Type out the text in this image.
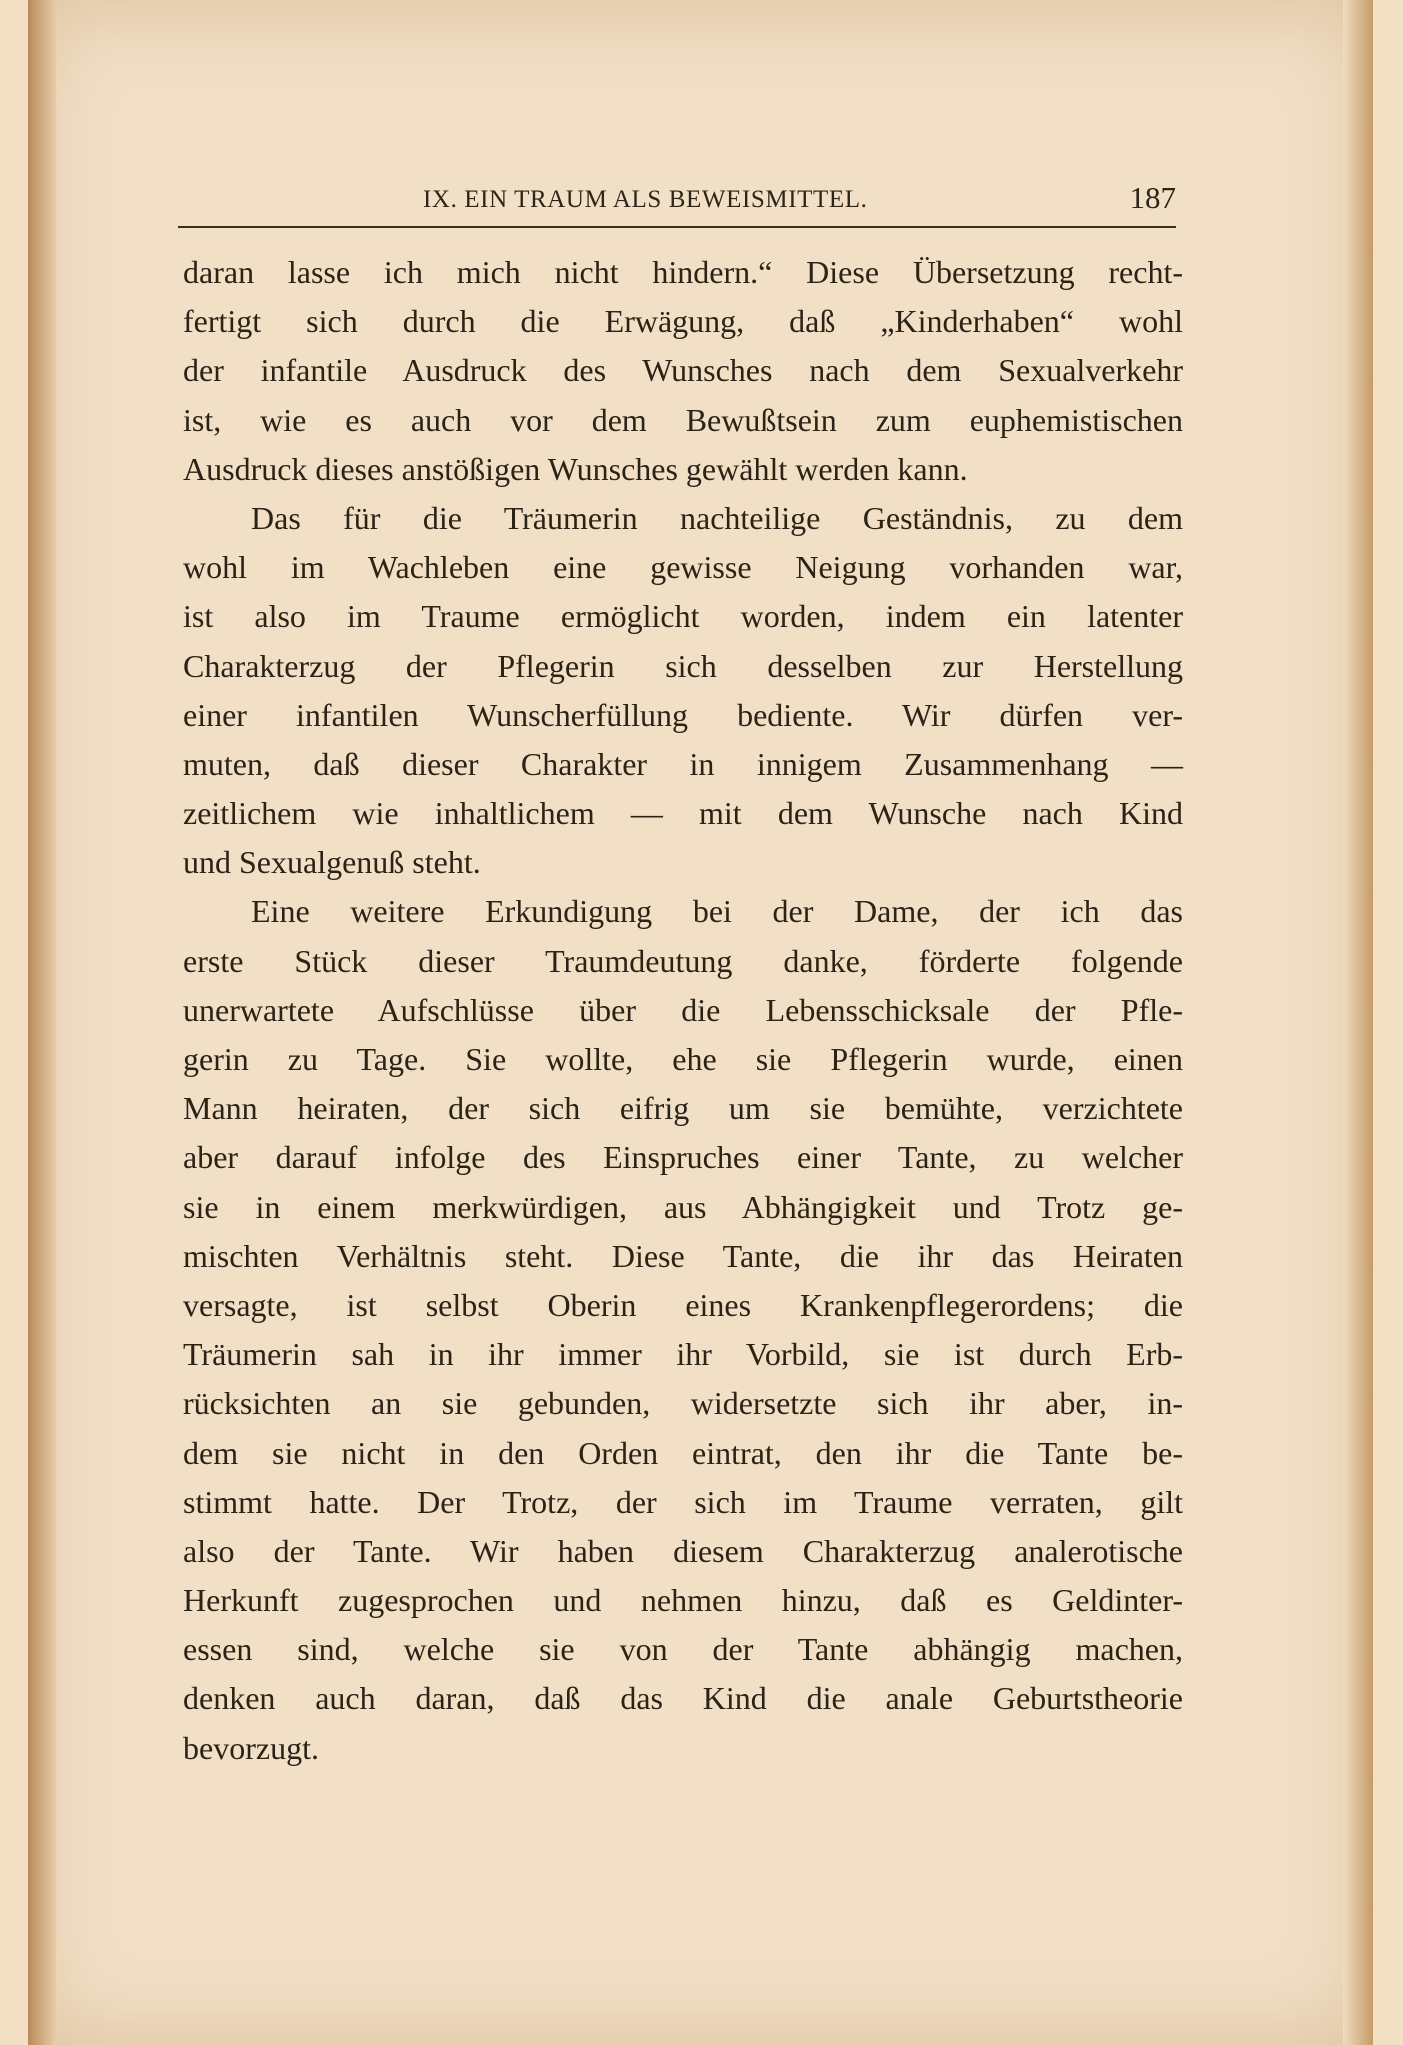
IX. EIN TRAUM ALS BEWEISMITTEL.	187
daran lasse ich mich nicht hindern.“ Diese Übersetzung recht-
fertigt sich durch die Erwägung, daß „Kinderhaben“ wohl
der infantile Ausdruck des Wunsches nach dem Sexualverkehr
ist, wie es auch vor dem Bewußtsein zum euphemistischen
Ausdruck dieses anstößigen Wunsches gewählt werden kann.
Das für die Träumerin nachteilige Geständnis, zu dem
wohl im Wachleben eine gewisse Neigung vorhanden war,
ist also im Traume ermöglicht worden, indem ein latenter
Charakterzug der Pflegerin sich desselben zur Herstellung
einer infantilen Wunscherfüllung bediente. Wir dürfen ver-
muten, daß dieser Charakter in innigem Zusammenhang —
zeitlichem wie inhaltlichem — mit dem Wunsche nach Kind
und Sexualgenuß steht.
Eine weitere Erkundigung bei der Dame, der ich das
erste Stück dieser Traumdeutung danke, förderte folgende
unerwartete Aufschlüsse über die Lebensschicksale der Pfle-
gerin zu Tage. Sie wollte, ehe sie Pflegerin wurde, einen
Mann heiraten, der sich eifrig um sie bemühte, verzichtete
aber darauf infolge des Einspruches einer Tante, zu welcher
sie in einem merkwürdigen, aus Abhängigkeit und Trotz ge-
mischten Verhältnis steht. Diese Tante, die ihr das Heiraten
versagte, ist selbst Oberin eines Krankenpflegerordens; die
Träumerin sah in ihr immer ihr Vorbild, sie ist durch Erb-
rücksichten an sie gebunden, widersetzte sich ihr aber, in-
dem sie nicht in den Orden eintrat, den ihr die Tante be-
stimmt hatte. Der Trotz, der sich im Traume verraten, gilt
also der Tante. Wir haben diesem Charakterzug analerotische
Herkunft zugesprochen und nehmen hinzu, daß es Geldinter-
essen sind, welche sie von der Tante abhängig machen,
denken auch daran, daß das Kind die anale Geburtstheorie
bevorzugt.
